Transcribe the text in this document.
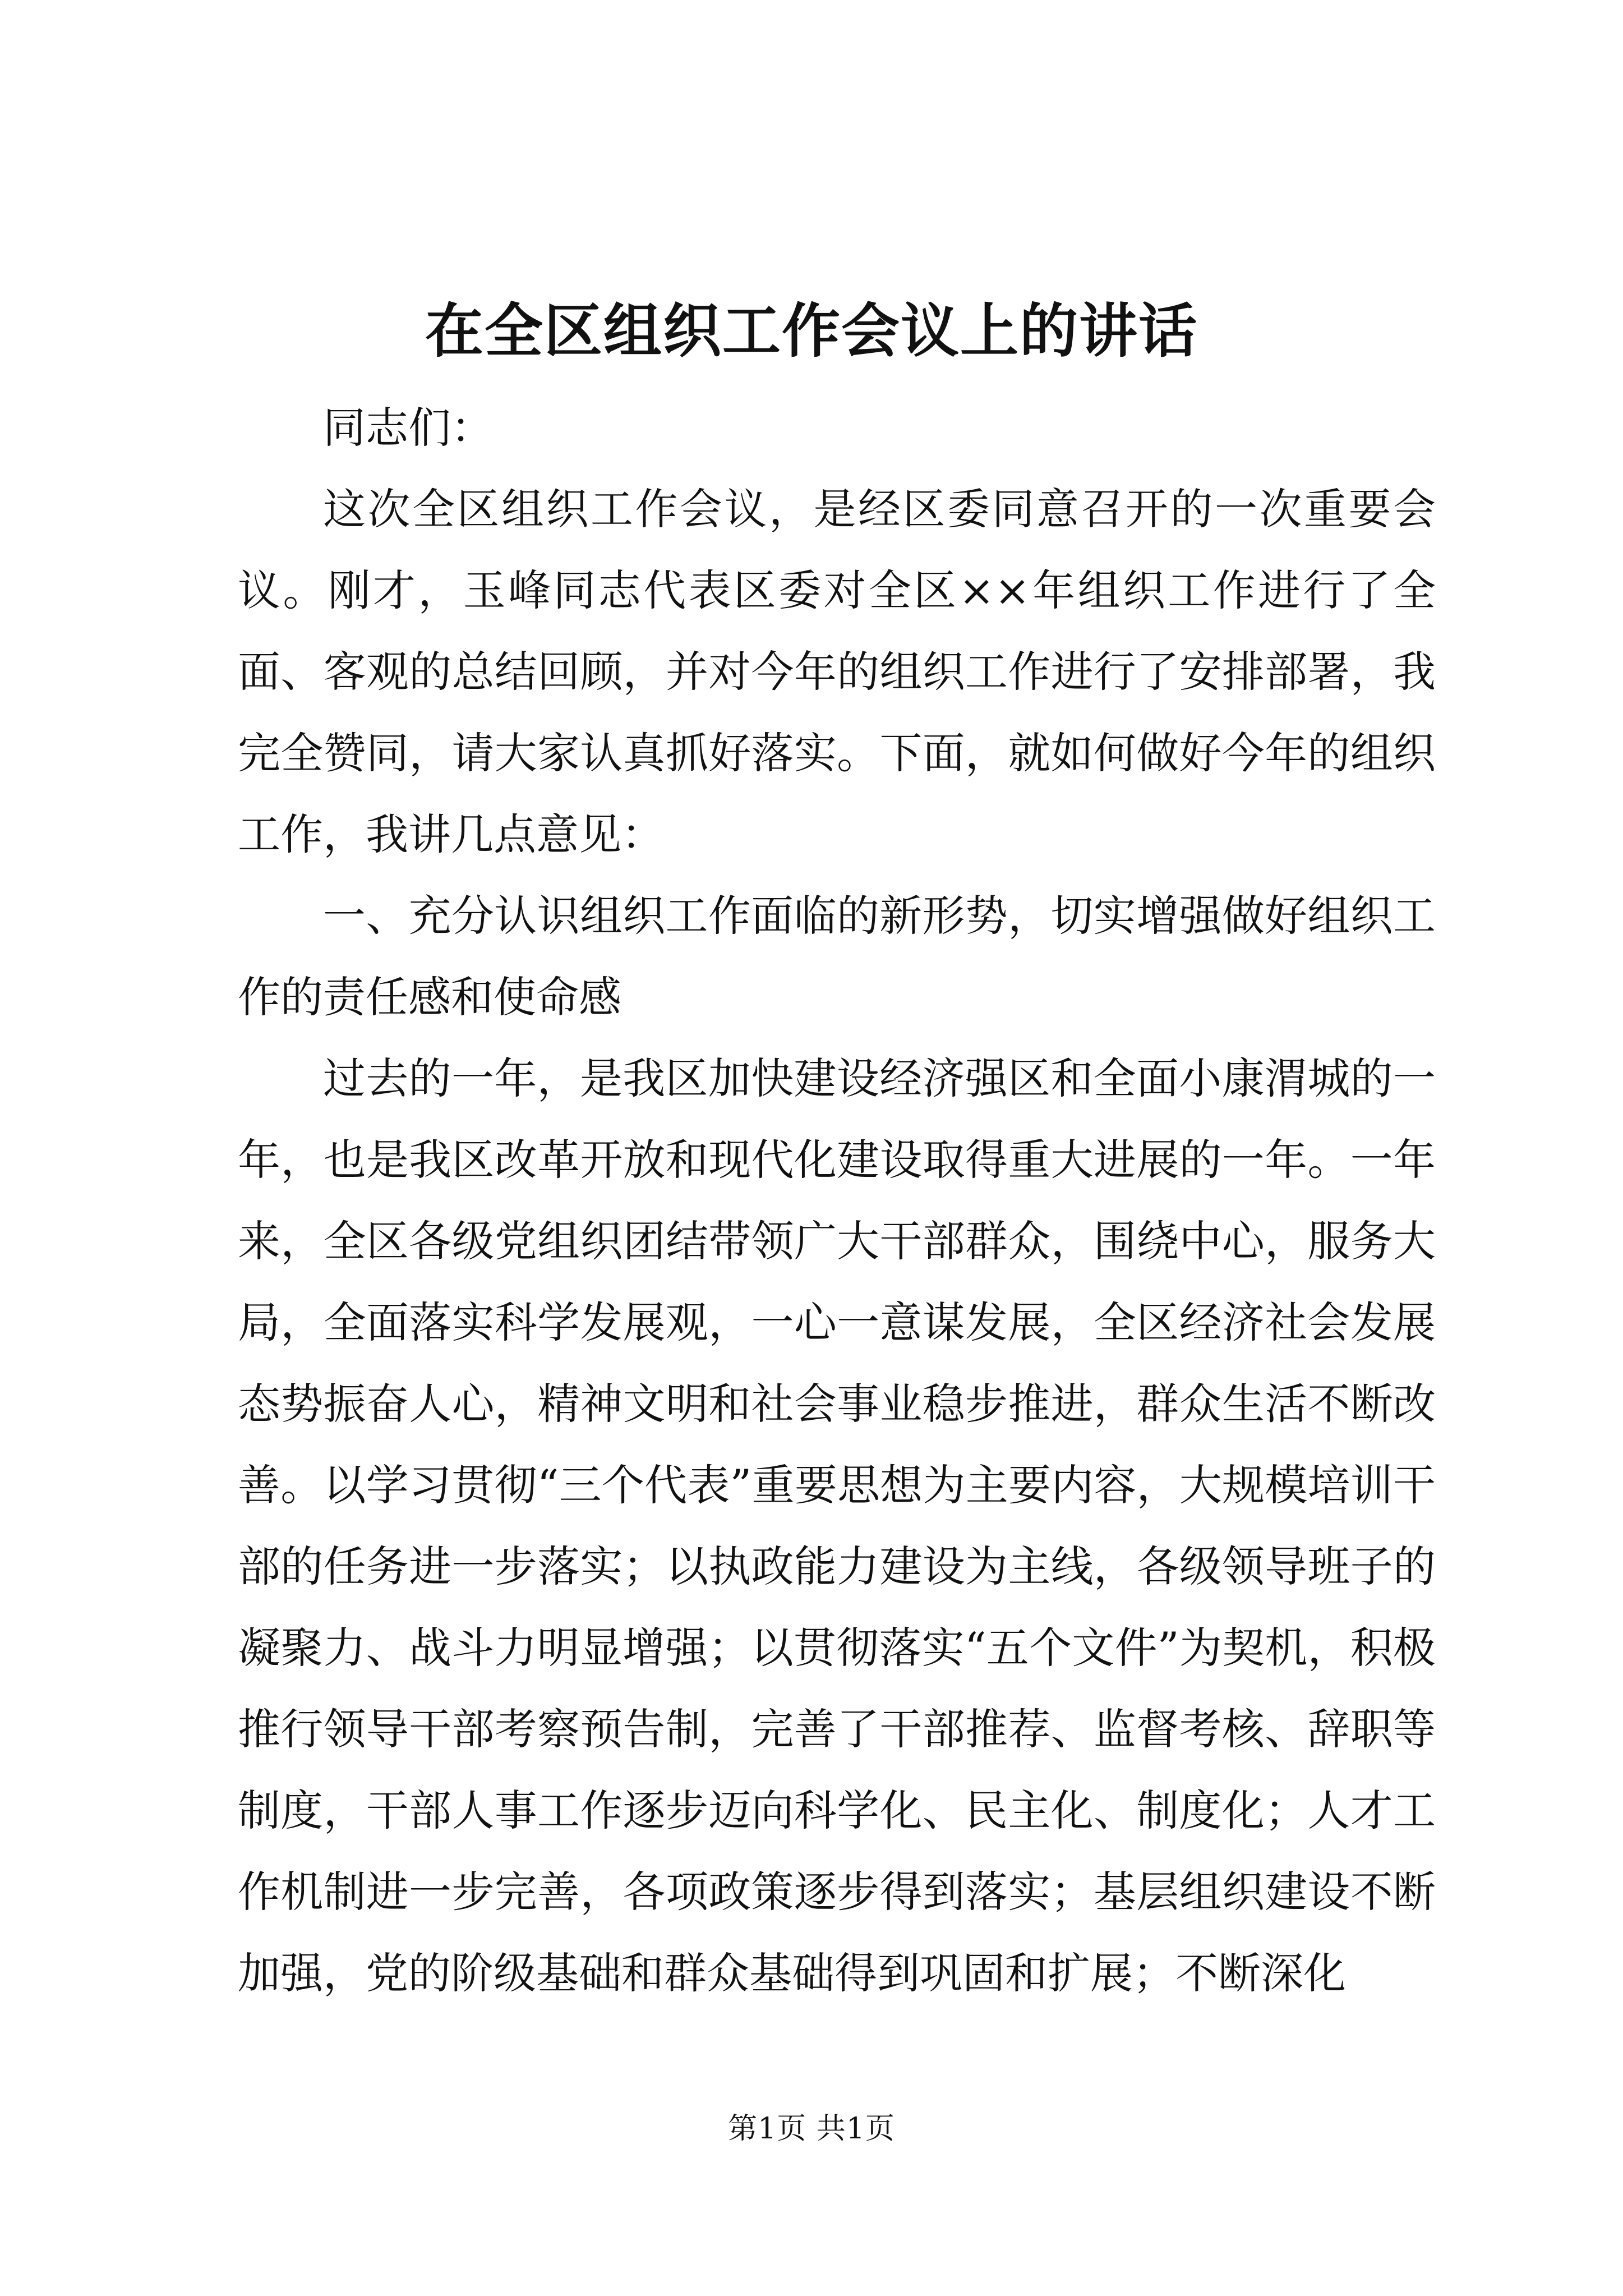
在全区组织工作会议上的讲话

同志们：

这次全区组织工作会议，是经区委同意召开的一次重要会议。刚才，玉峰同志代表区委对全区××年组织工作进行了全面、客观的总结回顾，并对今年的组织工作进行了安排部署，我完全赞同，请大家认真抓好落实。下面，就如何做好今年的组织工作，我讲几点意见：

一、充分认识组织工作面临的新形势，切实增强做好组织工作的责任感和使命感

过去的一年，是我区加快建设经济强区和全面小康渭城的一年，也是我区改革开放和现代化建设取得重大进展的一年。一年来，全区各级党组织团结带领广大干部群众，围绕中心，服务大局，全面落实科学发展观，一心一意谋发展，全区经济社会发展态势振奋人心，精神文明和社会事业稳步推进，群众生活不断改善。以学习贯彻“三个代表”重要思想为主要内容，大规模培训干部的任务进一步落实；以执政能力建设为主线，各级领导班子的凝聚力、战斗力明显增强；以贯彻落实“五个文件”为契机，积极推行领导干部考察预告制，完善了干部推荐、监督考核、辞职等制度，干部人事工作逐步迈向科学化、民主化、制度化；人才工作机制进一步完善，各项政策逐步得到落实；基层组织建设不断加强，党的阶级基础和群众基础得到巩固和扩展；不断深化

第1页 共1页
